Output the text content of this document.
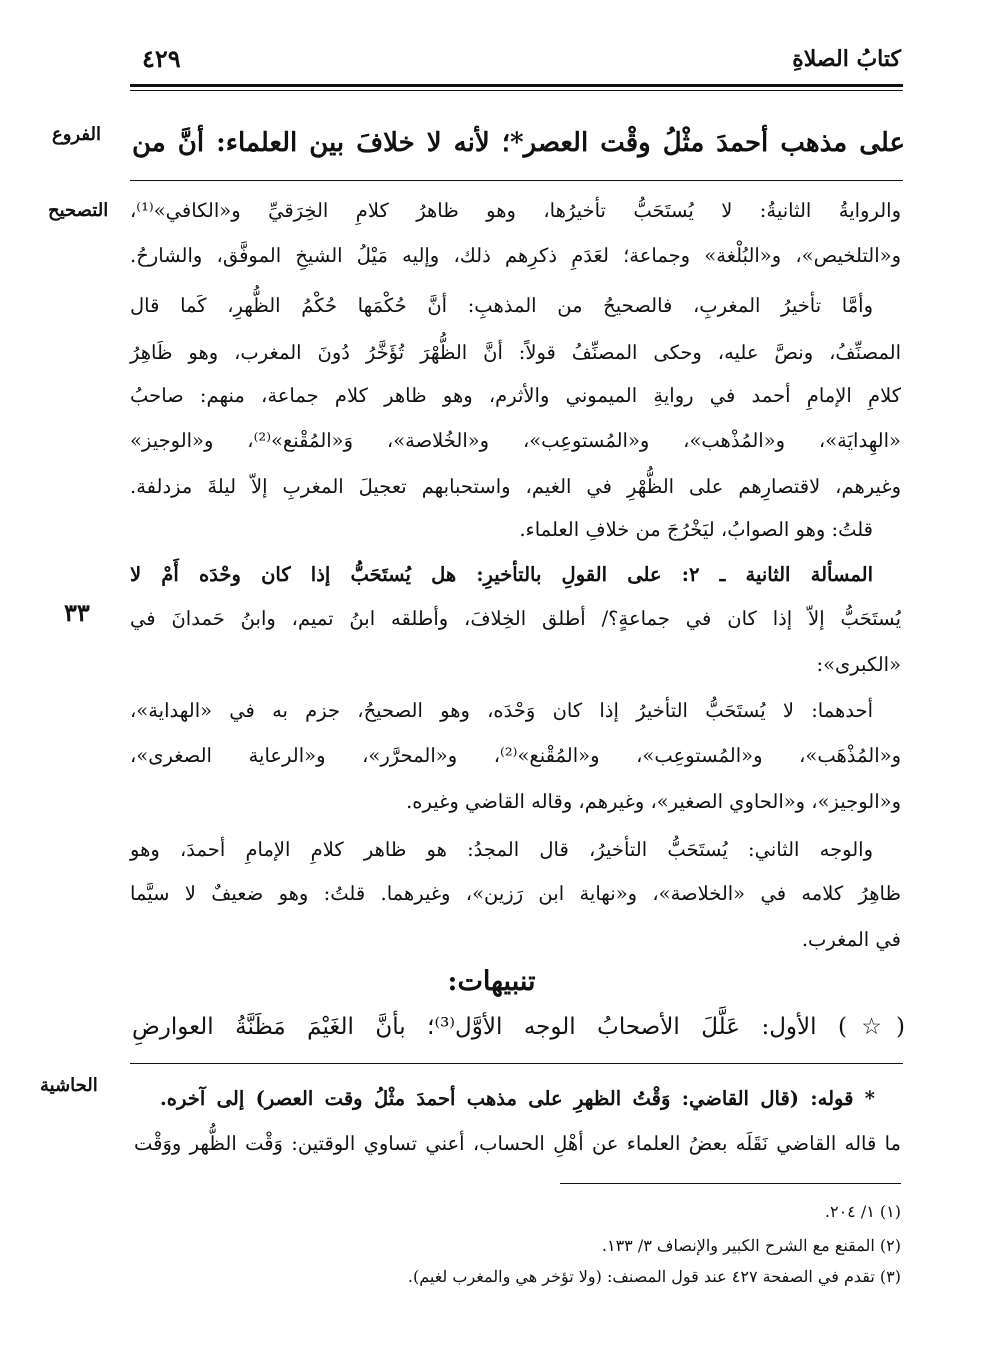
كتابُ الصلاةِ
٤٢٩
الفروع
التصحيح
٣٣
الحاشية
على مذهب أحمدَ مثْلُ وقْت العصر*؛ لأنه لا خلافَ بين العلماء: أنَّ من
والروايةُ الثانيةُ: لا يُستَحَبُّ تأخيرُها، وهو ظاهرُ كلامِ الخِرَقيِّ و«الكافي»⁽¹⁾،
و«التلخيص»، و«البُلْغة» وجماعة؛ لعَدَمِ ذكرِهم ذلك، وإليه مَيْلُ الشيخِ الموفَّق، والشارحُ.
وأمَّا تأخيرُ المغربِ، فالصحيحُ من المذهبِ: أنَّ حُكْمَها حُكْمُ الظُّهرِ، كَما قال
المصنِّفُ، ونصَّ عليه، وحكى المصنِّفُ قولاً: أنَّ الظُّهْرَ تُؤَخَّرُ دُونَ المغرب، وهو ظَاهِرُ
كلامِ الإمامِ أحمد في روايةِ الميموني والأثرم، وهو ظاهر كلام جماعة، منهم: صاحبُ
«الهِدايَة»، و«المُذْهب»، و«المُستوعِب»، و«الخُلاصة»، وَ«المُقْنع»⁽²⁾، و«الوجيز»
وغيرهم، لاقتصارِهم على الظُّهْرِ في الغيم، واستحبابهم تعجيلَ المغربِ إلاّ ليلةَ مزدلفة.
قلتُ: وهو الصوابُ، ليَخْرُجَ من خلافِ العلماء.
المسألة الثانية ـ ٢: على القولِ بالتأخيرِ: هل يُستَحَبُّ إذا كان وحْدَه أَمْ لا
يُستَحَبُّ إلاّ إذا كان في جماعةٍ؟/ أطلق الخِلافَ، وأطلقه ابنُ تميم، وابنُ حَمدانَ في
«الكبرى»:
أحدهما: لا يُستَحَبُّ التأخيرُ إذا كان وَحْدَه، وهو الصحيحُ، جزم به في «الهداية»،
و«المُذْهَب»، و«المُستوعِب»، و«المُقْنع»⁽²⁾، و«المحرَّر»، و«الرعاية الصغرى»،
و«الوجيز»، و«الحاوي الصغير»، وغيرهم، وقاله القاضي وغيره.
والوجه الثاني: يُستَحَبُّ التأخيرُ، قال المجدُ: هو ظاهر كلامِ الإمامِ أحمدَ، وهو
ظاهِرُ كلامه في «الخلاصة»، و«نهاية ابن رَزين»، وغيرهما. قلتُ: وهو ضعيفٌ لا سيَّما
في المغرب.
تنبيهات:
(☆) الأول: عَلَّلَ الأصحابُ الوجه الأوَّل⁽³⁾؛ بأنَّ الغَيْمَ مَظَنَّةُ العوارضِ
* قوله: (قال القاضي: وَقْتُ الظهرِ على مذهب أحمدَ مثْلُ وقت العصر) إلى آخره.
ما قاله القاضي نَقَلَه بعضُ العلماء عن أهْلِ الحساب، أعني تساوي الوقتين: وَقْت الظُّهر ووَقْت
(١) ١/ ٢٠٤.
(٢) المقنع مع الشرح الكبير والإنصاف ٣/ ١٣٣.
(٣) تقدم في الصفحة ٤٢٧ عند قول المصنف: (ولا تؤخر هي والمغرب لغيم).
